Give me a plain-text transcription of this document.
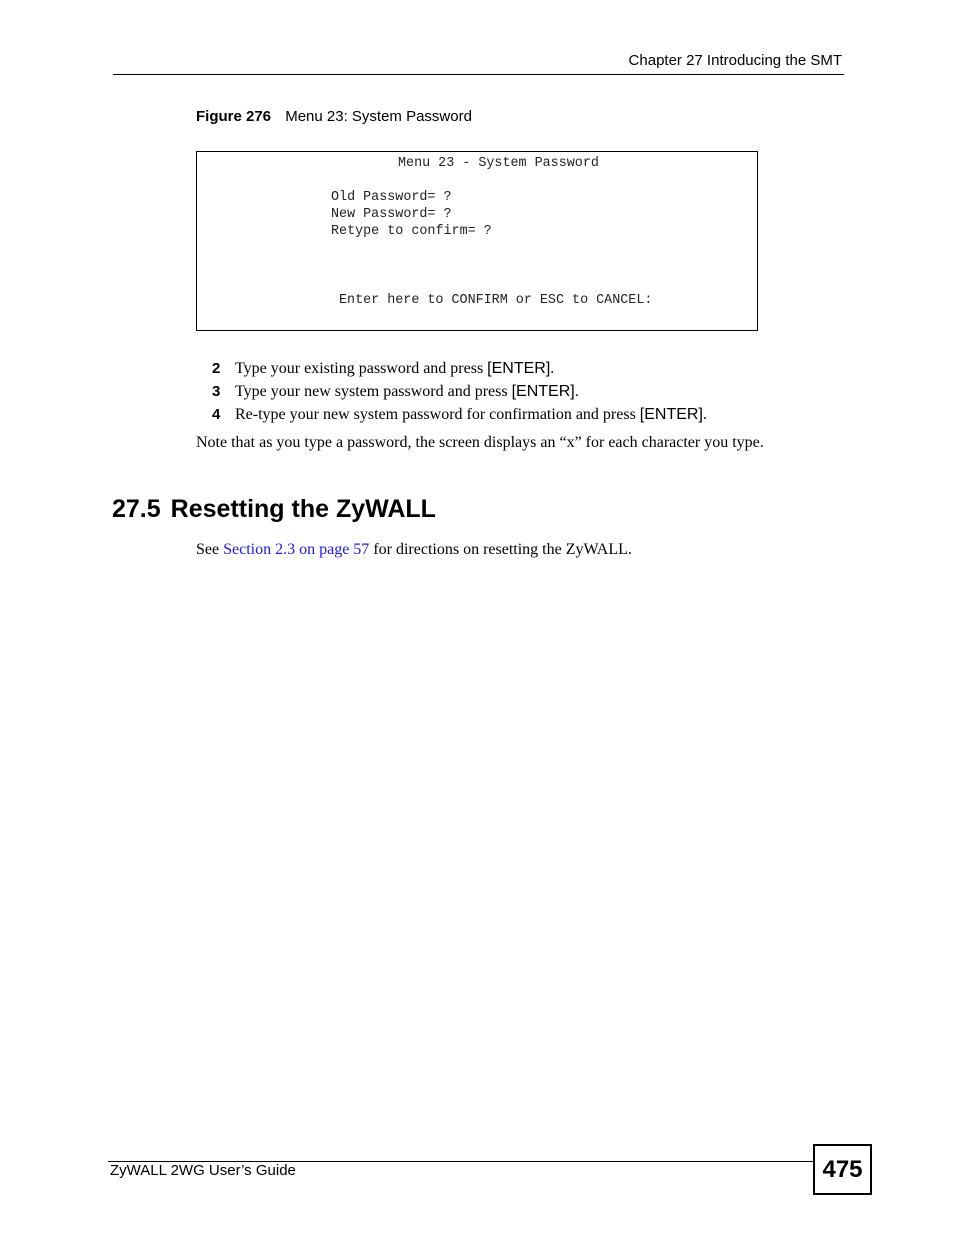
Chapter 27 Introducing the SMT
Figure 276 Menu 23: System Password
Menu 23 - System Password
Old Password= ?
New Password= ?
Retype to confirm= ?
Enter here to CONFIRM or ESC to CANCEL:
2 Type your existing password and press [ENTER].
3 Type your new system password and press [ENTER].
4 Re-type your new system password for confirmation and press [ENTER].
Note that as you type a password, the screen displays an “x” for each character you type.
27.5 Resetting the ZyWALL
See Section 2.3 on page 57 for directions on resetting the ZyWALL.
ZyWALL 2WG User’s Guide	475
